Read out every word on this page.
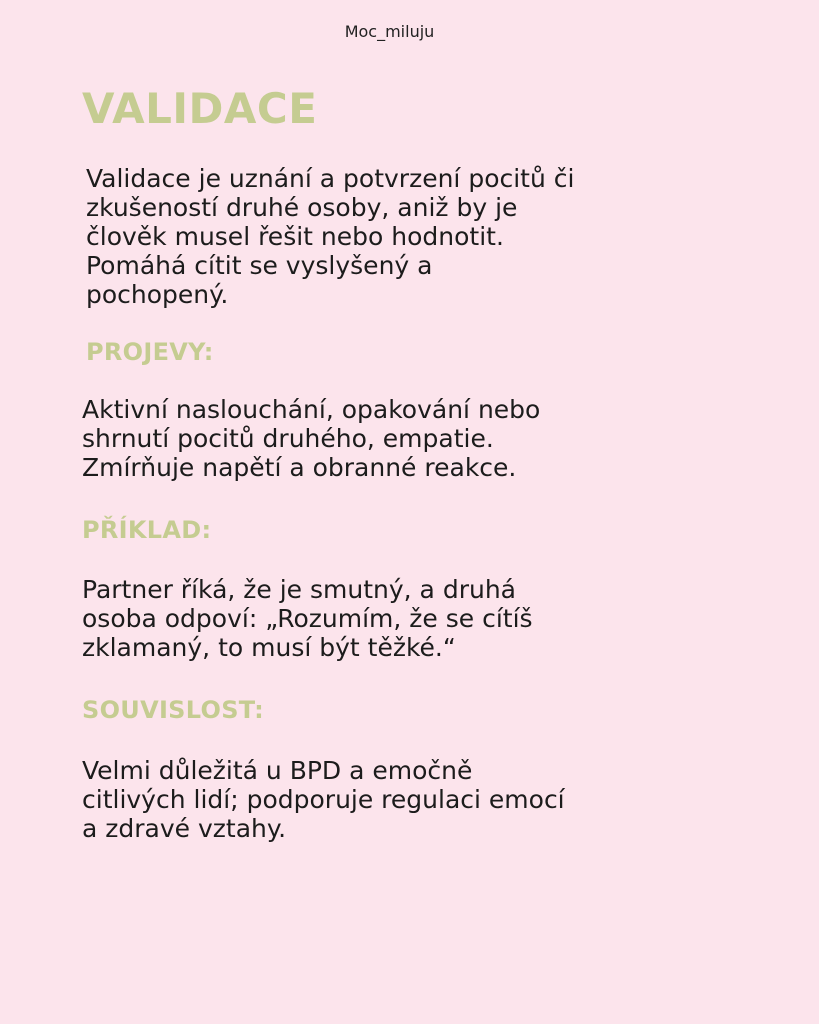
Moc_miluju
VALIDACE

Validace je uznání a potvrzení pocitů či
zkušeností druhé osoby, aniž by je
člověk musel řešit nebo hodnotit.
Pomáhá cítit se vyslyšený a
pochopený.

PROJEVY:

Aktivní naslouchání, opakování nebo
shrnutí pocitů druhého, empatie.
Zmírňuje napětí a obranné reakce.

PŘÍKLAD:

Partner říká, že je smutný, a druhá
osoba odpoví: „Rozumím, že se cítíš
zklamaný, to musí být těžké.“

SOUVISLOST:

Velmi důležitá u BPD a emočně
citlivých lidí; podporuje regulaci emocí
a zdravé vztahy.
